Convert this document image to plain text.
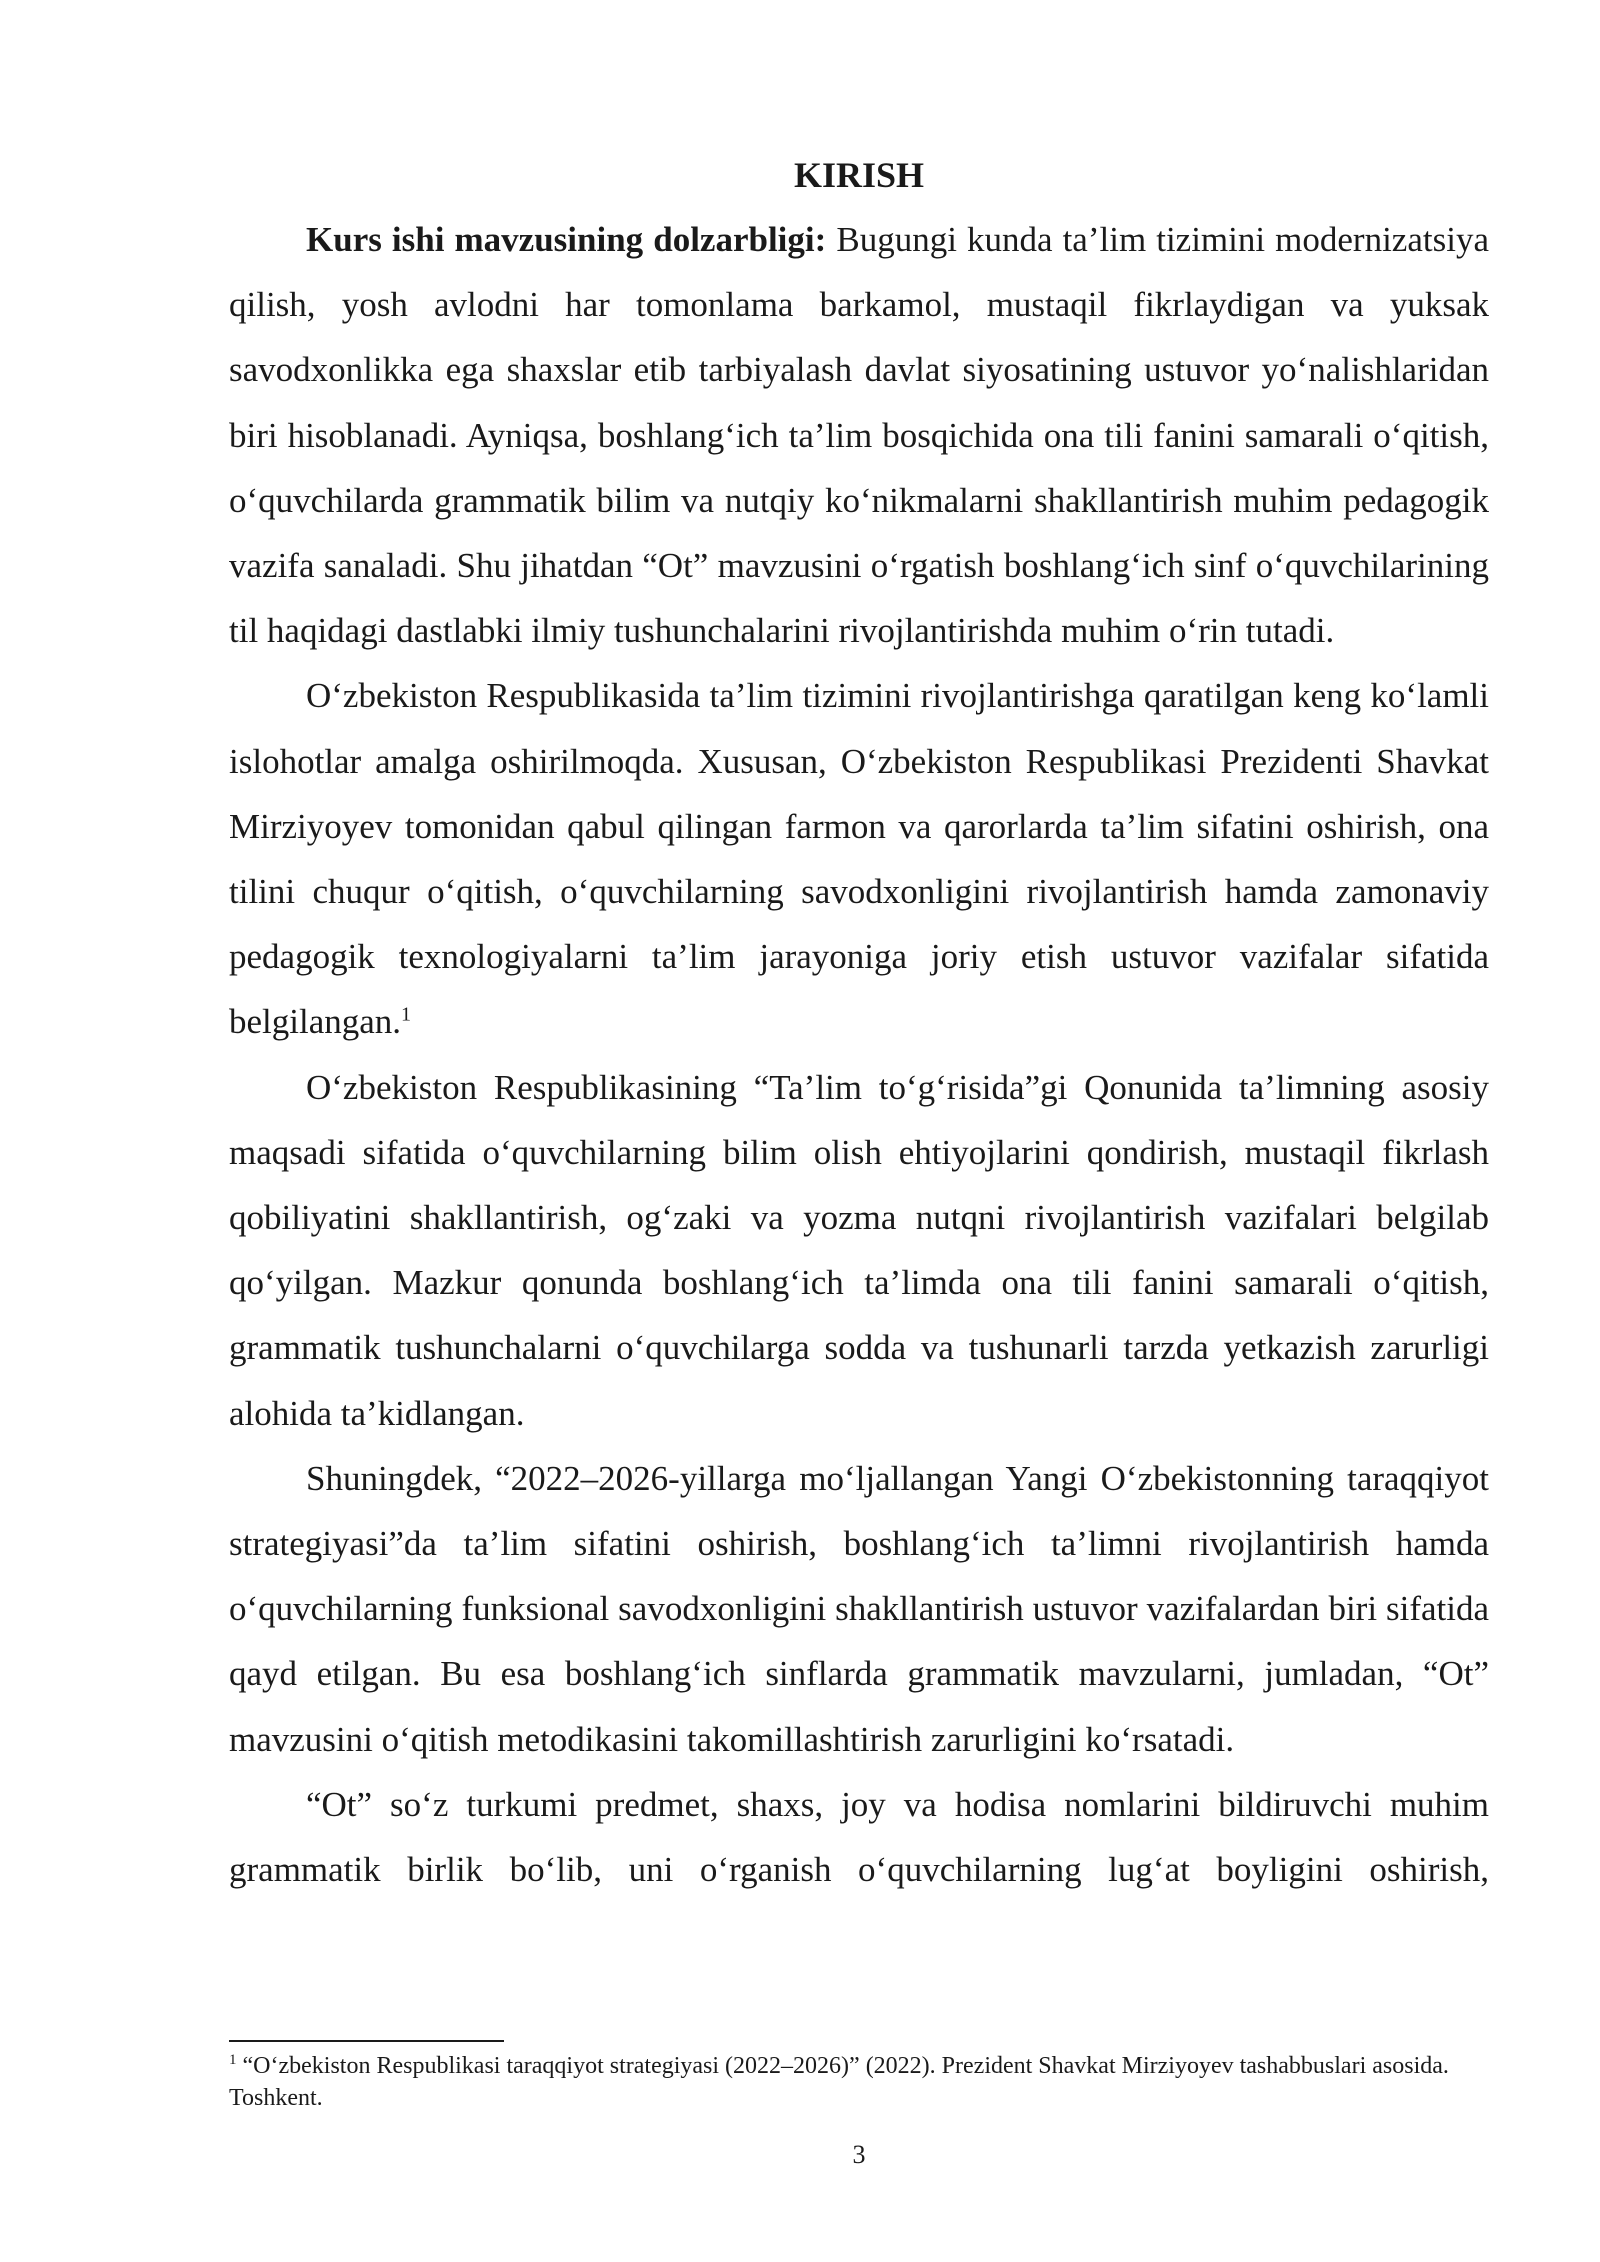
KIRISH

Kurs ishi mavzusining dolzarbligi: Bugungi kunda ta’lim tizimini modernizatsiya qilish, yosh avlodni har tomonlama barkamol, mustaqil fikrlaydigan va yuksak savodxonlikka ega shaxslar etib tarbiyalash davlat siyosatining ustuvor yo‘nalishlaridan biri hisoblanadi. Ayniqsa, boshlang‘ich ta’lim bosqichida ona tili fanini samarali o‘qitish, o‘quvchilarda grammatik bilim va nutqiy ko‘nikmalarni shakllantirish muhim pedagogik vazifa sanaladi. Shu jihatdan “Ot” mavzusini o‘rgatish boshlang‘ich sinf o‘quvchilarining til haqidagi dastlabki ilmiy tushunchalarini rivojlantirishda muhim o‘rin tutadi.

O‘zbekiston Respublikasida ta’lim tizimini rivojlantirishga qaratilgan keng ko‘lamli islohotlar amalga oshirilmoqda. Xususan, O‘zbekiston Respublikasi Prezidenti Shavkat Mirziyoyev tomonidan qabul qilingan farmon va qarorlarda ta’lim sifatini oshirish, ona tilini chuqur o‘qitish, o‘quvchilarning savodxonligini rivojlantirish hamda zamonaviy pedagogik texnologiyalarni ta’lim jarayoniga joriy etish ustuvor vazifalar sifatida belgilangan.$^1$

O‘zbekiston Respublikasining “Ta’lim to‘g‘risida”gi Qonunida ta’limning asosiy maqsadi sifatida o‘quvchilarning bilim olish ehtiyojlarini qondirish, mustaqil fikrlash qobiliyatini shakllantirish, og‘zaki va yozma nutqni rivojlantirish vazifalari belgilab qo‘yilgan. Mazkur qonunda boshlang‘ich ta’limda ona tili fanini samarali o‘qitish, grammatik tushunchalarni o‘quvchilarga sodda va tushunarli tarzda yetkazish zarurligi alohida ta’kidlangan.

Shuningdek, “2022–2026-yillarga mo‘ljallangan Yangi O‘zbekistonning taraqqiyot strategiyasi”da ta’lim sifatini oshirish, boshlang‘ich ta’limni rivojlantirish hamda o‘quvchilarning funksional savodxonligini shakllantirish ustuvor vazifalardan biri sifatida qayd etilgan. Bu esa boshlang‘ich sinflarda grammatik mavzularni, jumladan, “Ot” mavzusini o‘qitish metodikasini takomillashtirish zarurligini ko‘rsatadi.

“Ot” so‘z turkumi predmet, shaxs, joy va hodisa nomlarini bildiruvchi muhim grammatik birlik bo‘lib, uni o‘rganish o‘quvchilarning lug‘at boyligini oshirish,

$^1$ “O‘zbekiston Respublikasi taraqqiyot strategiyasi (2022–2026)” (2022). Prezident Shavkat Mirziyoyev tashabbuslari asosida. Toshkent.

3
